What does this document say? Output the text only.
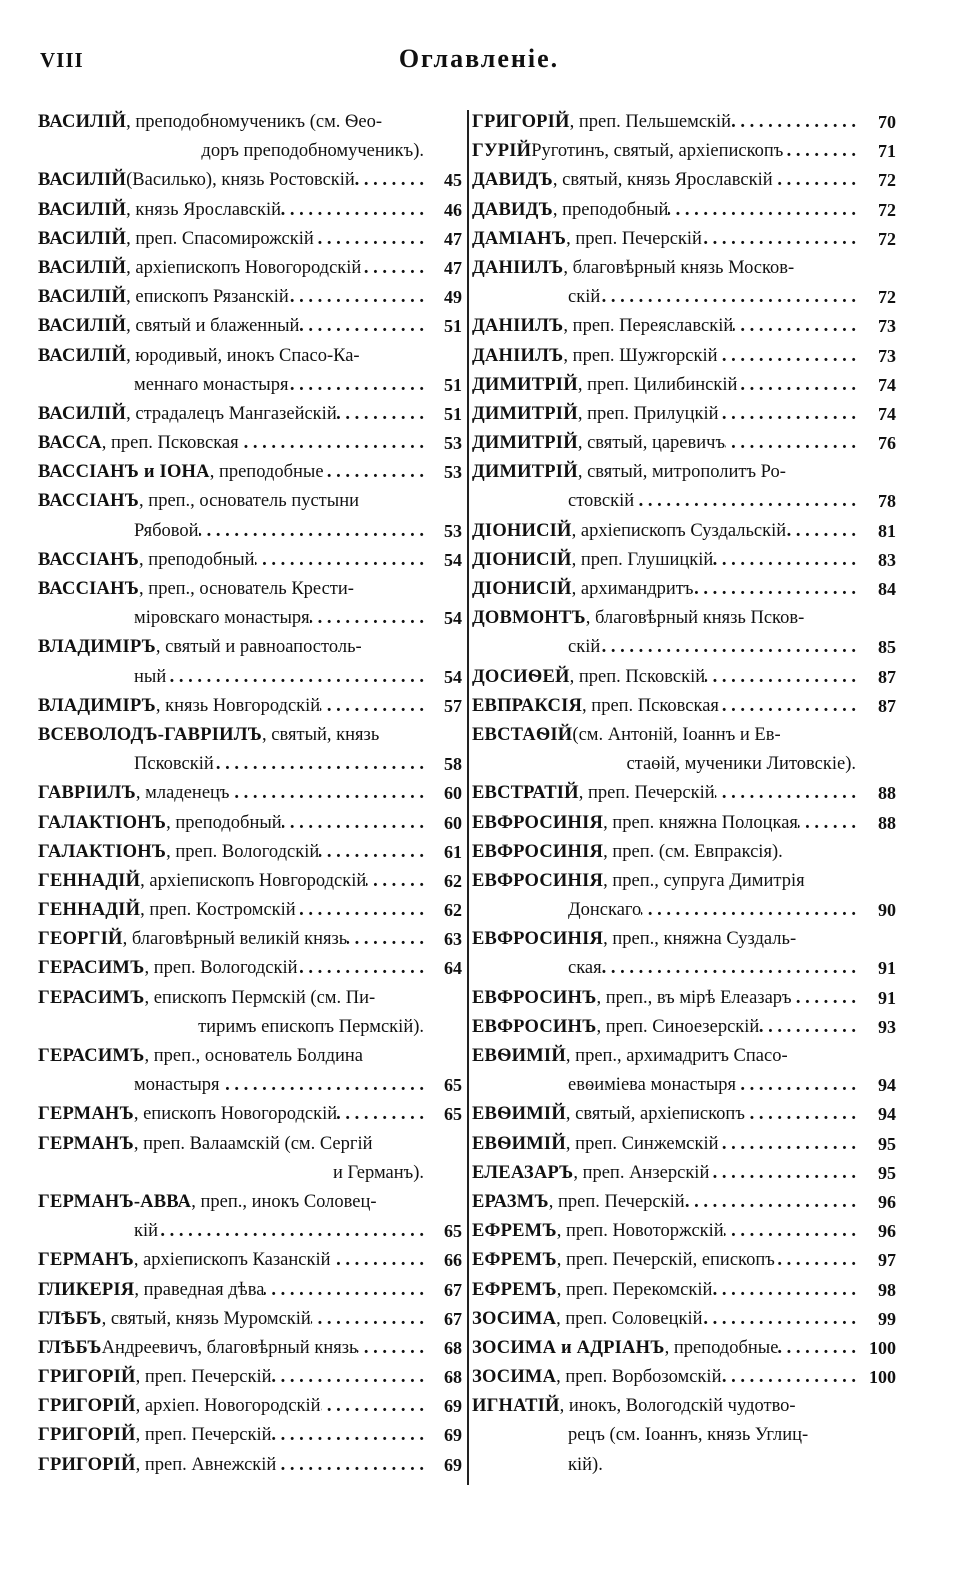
VIII	Оглавленіе.
ВАСИЛІЙ , преподобномученикъ (см. Ѳео-
доръ преподобномученикъ).
ВАСИЛІЙ (Василько), князь Ростовскій . . .	45
ВАСИЛІЙ , князь Ярославскій . . .	46
ВАСИЛІЙ , преп. Спасомирожскій . . .	47
ВАСИЛІЙ , архіепископъ Новогородскій . . .	47
ВАСИЛІЙ , епископъ Рязанскій . . .	49
ВАСИЛІЙ , святый и блаженный . . .	51
ВАСИЛІЙ , юродивый, инокъ Спасо-Ка-
меннаго монастыря . . .	51
ВАСИЛІЙ , страдалецъ Мангазейскій . . .	51
ВАССА , преп. Псковская . . .	53
ВАССІАНЪ и ІОНА , преподобные . . .	53
ВАССІАНЪ , преп., основатель пустыни
Рябовой . . .	53
ВАССІАНЪ , преподобный . . .	54
ВАССІАНЪ , преп., основатель Крести-
міровскаго монастыря . . .	54
ВЛАДИМІРЪ , святый и равноапостоль-
ный . . .	54
ВЛАДИМІРЪ , князь Новгородскій . . .	57
ВСЕВОЛОДЪ-ГАВРІИЛЪ , святый, князь
Псковскій . . .	58
ГАВРІИЛЪ , младенецъ . . .	60
ГАЛАКТІОНЪ , преподобный . . .	60
ГАЛАКТІОНЪ , преп. Вологодскій . . .	61
ГЕННАДІЙ , архіепископъ Новгородскій . . .	62
ГЕННАДІЙ , преп. Костромскій . . .	62
ГЕОРГІЙ , благовѣрный великій князь . . .	63
ГЕРАСИМЪ , преп. Вологодскій . . .	64
ГЕРАСИМЪ , епископъ Пермскій (см. Пи-
тиримъ епископъ Пермскій).
ГЕРАСИМЪ , преп., основатель Болдина
монастыря . . .	65
ГЕРМАНЪ , епископъ Новогородскій . . .	65
ГЕРМАНЪ , преп. Валаамскій (см. Сергій
и Германъ).
ГЕРМАНЪ-АВВА , преп., инокъ Соловец-
кій . . .	65
ГЕРМАНЪ , архіепископъ Казанскій . . .	66
ГЛИКЕРІЯ , праведная дѣва . . .	67
ГЛѢБЪ , святый, князь Муромскій . . .	67
ГЛѢБЪ Андреевичъ, благовѣрный князь . . .	68
ГРИГОРІЙ , преп. Печерскій . . .	68
ГРИГОРІЙ , архіеп. Новогородскій . . .	69
ГРИГОРІЙ , преп. Печерскій . . .	69
ГРИГОРІЙ , преп. Авнежскій . . .	69
ГРИГОРІЙ , преп. Пельшемскій . . .	70
ГУРІЙ Руготинъ, святый, архіепископъ . . .	71
ДАВИДЪ , святый, князь Ярославскій . . .	72
ДАВИДЪ , преподобный . . .	72
ДАМІАНЪ , преп. Печерскій . . .	72
ДАНІИЛЪ , благовѣрный князь Москов-
скій . . .	72
ДАНІИЛЪ , преп. Переяславскій . . .	73
ДАНІИЛЪ , преп. Шужгорскій . . .	73
ДИМИТРІЙ , преп. Цилибинскій . . .	74
ДИМИТРІЙ , преп. Прилуцкій . . .	74
ДИМИТРІЙ , святый, царевичъ . . .	76
ДИМИТРІЙ , святый, митрополитъ Ро-
стовскій . . .	78
ДІОНИСІЙ , архіепископъ Суздальскій . . .	81
ДІОНИСІЙ , преп. Глушицкій . . .	83
ДІОНИСІЙ , архимандритъ . . .	84
ДОВМОНТЪ , благовѣрный князь Псков-
скій . . .	85
ДОСИѲЕЙ , преп. Псковскій . . .	87
ЕВПРАКСІЯ , преп. Псковская . . .	87
ЕВСТАѲІЙ (см. Антоній, Іоаннъ и Ев-
стаѳій, мученики Литовскіе).
ЕВСТРАТІЙ , преп. Печерскій . . .	88
ЕВФРОСИНІЯ , преп. княжна Полоцкая . . .	88
ЕВФРОСИНІЯ , преп. (см. Евпраксія).
ЕВФРОСИНІЯ , преп., супруга Димитрія
Донскаго . . .	90
ЕВФРОСИНІЯ , преп., княжна Суздаль-
ская . . .	91
ЕВФРОСИНЪ , преп., въ мірѣ Елеазаръ . . .	91
ЕВФРОСИНЪ , преп. Синоезерскій . . .	93
ЕВѲИМІЙ , преп., архимадритъ Спасо-
евѳиміева монастыря . . .	94
ЕВѲИМІЙ , святый, архіепископъ . . .	94
ЕВѲИМІЙ , преп. Синжемскій . . .	95
ЕЛЕАЗАРЪ , преп. Анзерскій . . .	95
ЕРАЗМЪ , преп. Печерскій . . .	96
ЕФРЕМЪ , преп. Новоторжскій . . .	96
ЕФРЕМЪ , преп. Печерскій, епископъ . . .	97
ЕФРЕМЪ , преп. Перекомскій . . .	98
ЗОСИМА , преп. Соловецкій . . .	99
ЗОСИМА и АДРІАНЪ , преподобные . . .	100
ЗОСИМА , преп. Ворбозомскій . . .	100
ИГНАТІЙ , инокъ, Вологодскій чудотво-
рецъ (см. Іоаннъ, князь Углиц-
кій).
